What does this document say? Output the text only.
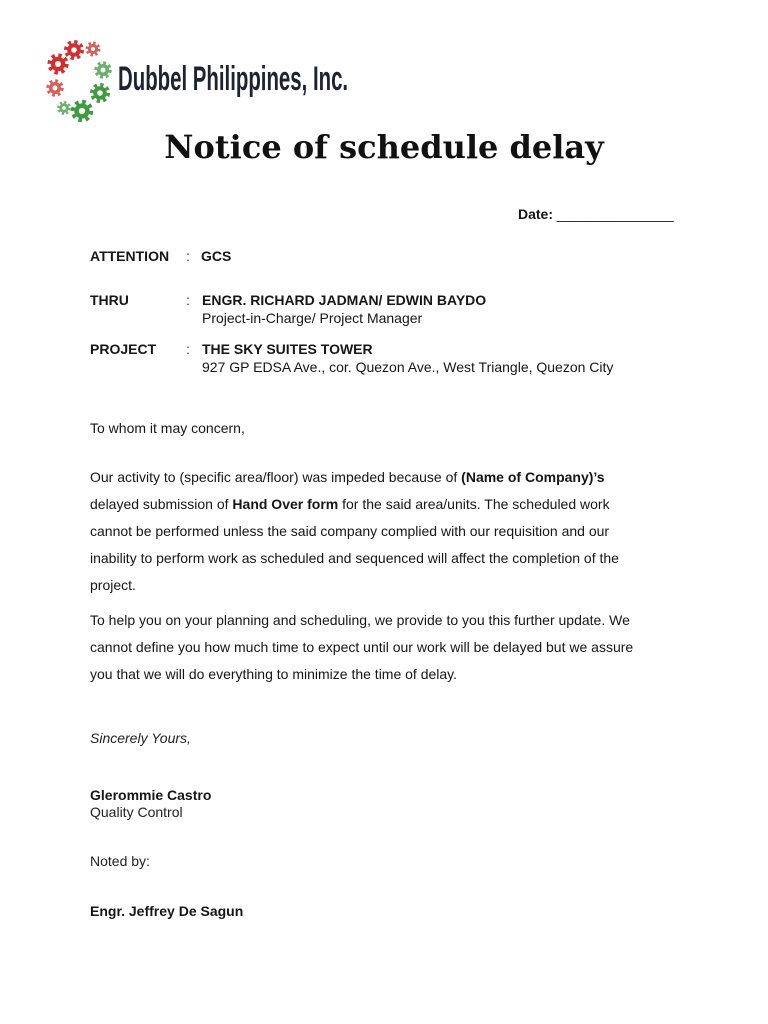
Dubbel Philippines, Inc.
Notice of schedule delay
Date: _______________
ATTENTION : GCS
THRU	: ENGR. RICHARD JADMAN/ EDWIN BAYDO
Project-in-Charge/ Project Manager
PROJECT : THE SKY SUITES TOWER
927 GP EDSA Ave., cor. Quezon Ave., West Triangle, Quezon City
To whom it may concern,
Our activity to (specific area/floor) was impeded because of (Name of Company)’s
delayed submission of Hand Over form for the said area/units. The scheduled work
cannot be performed unless the said company complied with our requisition and our
inability to perform work as scheduled and sequenced will affect the completion of the
project.
To help you on your planning and scheduling, we provide to you this further update. We
cannot define you how much time to expect until our work will be delayed but we assure
you that we will do everything to minimize the time of delay.
Sincerely Yours,
Glerommie Castro
Quality Control
Noted by:
Engr. Jeffrey De Sagun
